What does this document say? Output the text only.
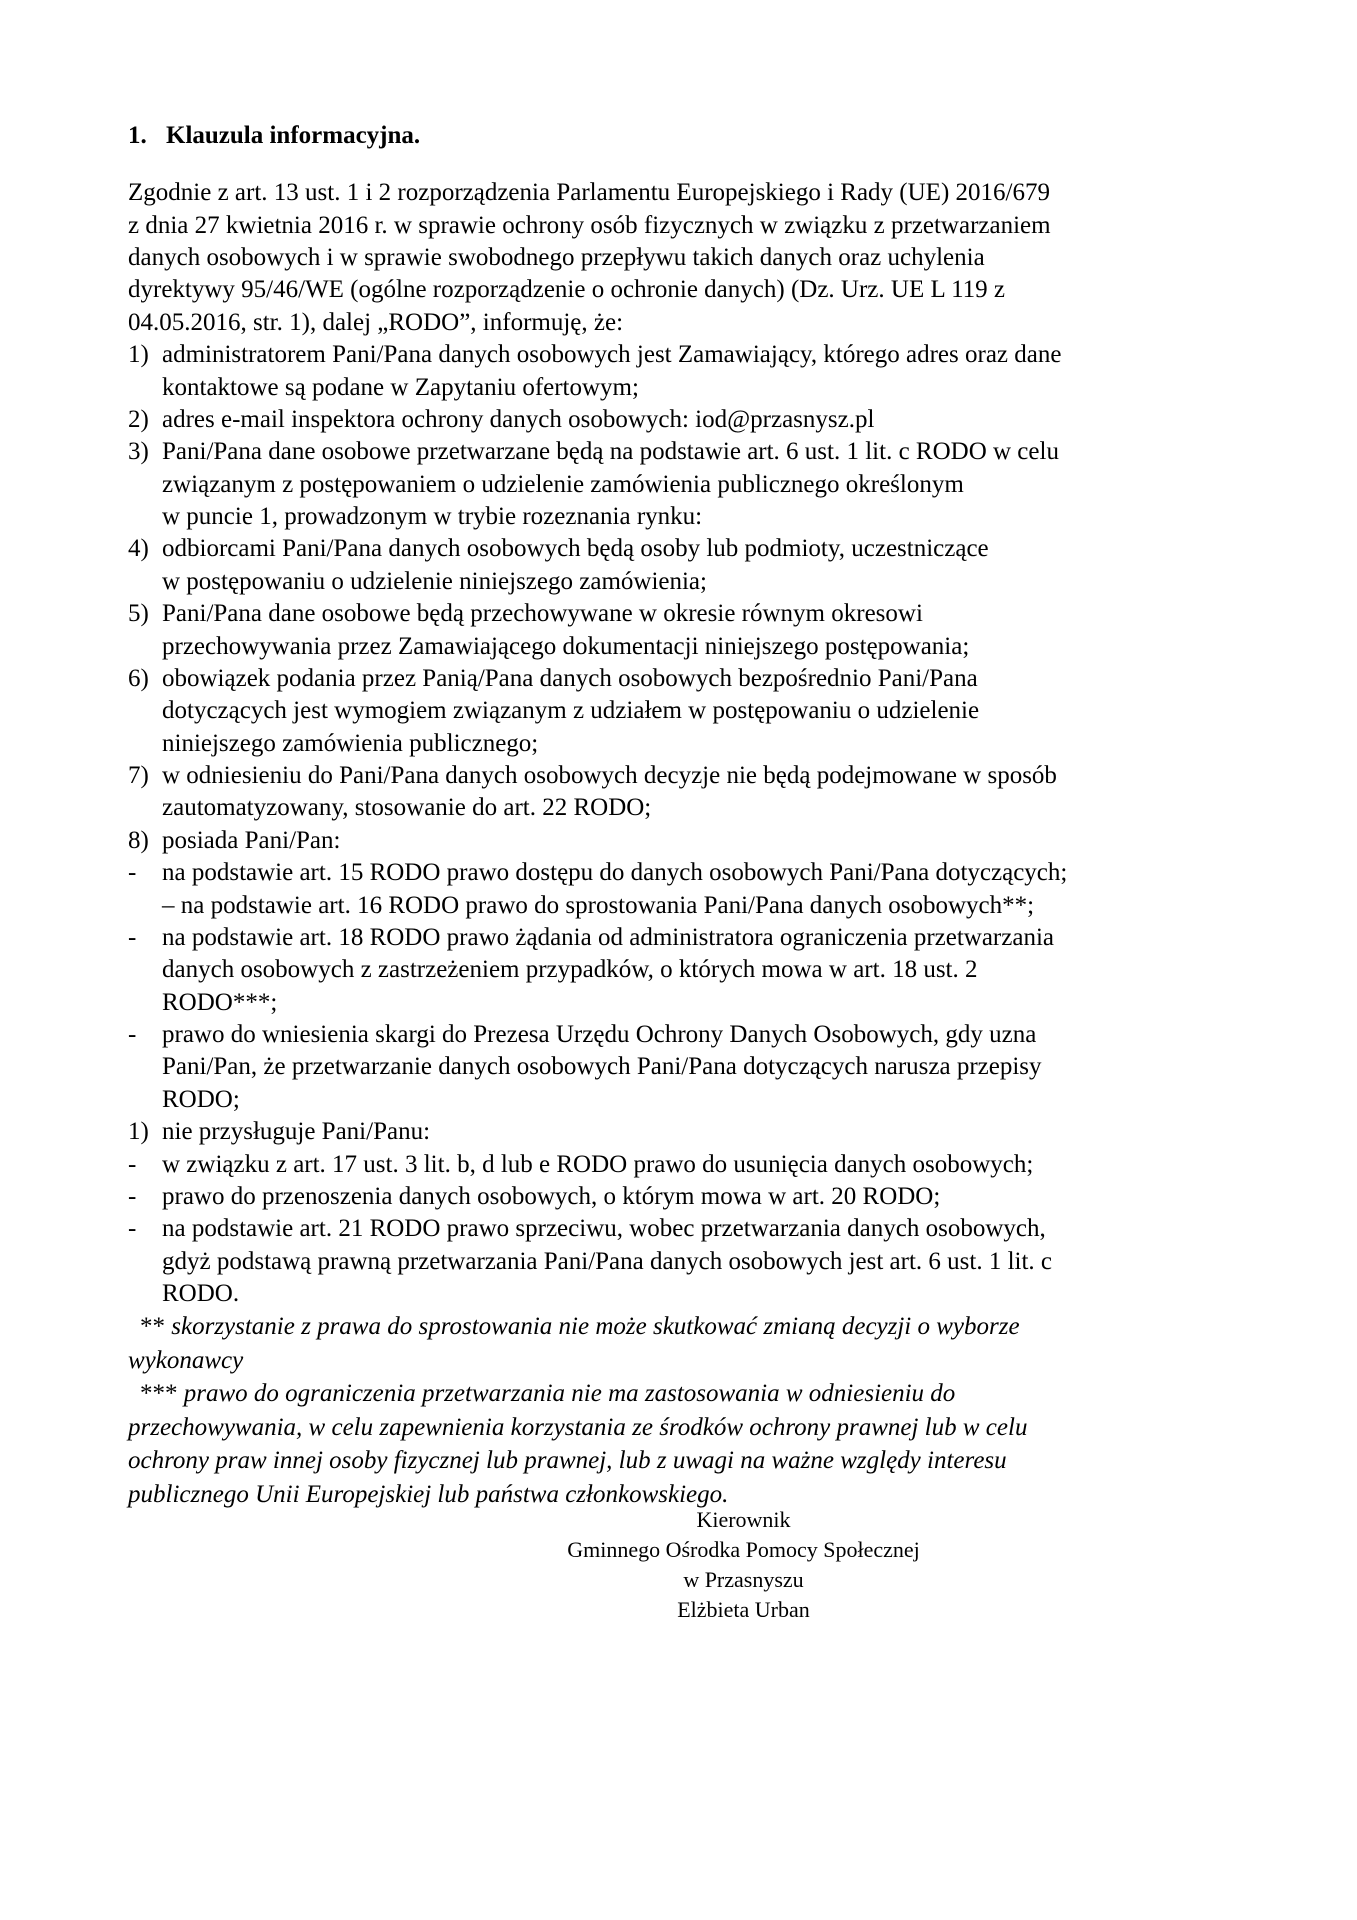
1. Klauzula informacyjna.
Zgodnie z art. 13 ust. 1 i 2 rozporządzenia Parlamentu Europejskiego i Rady (UE) 2016/679
z dnia 27 kwietnia 2016 r. w sprawie ochrony osób fizycznych w związku z przetwarzaniem
danych osobowych i w sprawie swobodnego przepływu takich danych oraz uchylenia
dyrektywy 95/46/WE (ogólne rozporządzenie o ochronie danych) (Dz. Urz. UE L 119 z
04.05.2016, str. 1), dalej „RODO”, informuję, że:
1) administratorem Pani/Pana danych osobowych jest Zamawiający, którego adres oraz dane
kontaktowe są podane w Zapytaniu ofertowym;
2) adres e-mail inspektora ochrony danych osobowych: iod@przasnysz.pl
3) Pani/Pana dane osobowe przetwarzane będą na podstawie art. 6 ust. 1 lit. c RODO w celu
związanym z postępowaniem o udzielenie zamówienia publicznego określonym
w puncie 1, prowadzonym w trybie rozeznania rynku:
4) odbiorcami Pani/Pana danych osobowych będą osoby lub podmioty, uczestniczące
w postępowaniu o udzielenie niniejszego zamówienia;
5) Pani/Pana dane osobowe będą przechowywane w okresie równym okresowi
przechowywania przez Zamawiającego dokumentacji niniejszego postępowania;
6) obowiązek podania przez Panią/Pana danych osobowych bezpośrednio Pani/Pana
dotyczących jest wymogiem związanym z udziałem w postępowaniu o udzielenie
niniejszego zamówienia publicznego;
7) w odniesieniu do Pani/Pana danych osobowych decyzje nie będą podejmowane w sposób
zautomatyzowany, stosowanie do art. 22 RODO;
8) posiada Pani/Pan:
-	na podstawie art. 15 RODO prawo dostępu do danych osobowych Pani/Pana dotyczących;
– na podstawie art. 16 RODO prawo do sprostowania Pani/Pana danych osobowych**;
-	na podstawie art. 18 RODO prawo żądania od administratora ograniczenia przetwarzania
danych osobowych z zastrzeżeniem przypadków, o których mowa w art. 18 ust. 2
RODO***;
-	prawo do wniesienia skargi do Prezesa Urzędu Ochrony Danych Osobowych, gdy uzna
Pani/Pan, że przetwarzanie danych osobowych Pani/Pana dotyczących narusza przepisy
RODO;
1) nie przysługuje Pani/Panu:
-	w związku z art. 17 ust. 3 lit. b, d lub e RODO prawo do usunięcia danych osobowych;
-	prawo do przenoszenia danych osobowych, o którym mowa w art. 20 RODO;
-	na podstawie art. 21 RODO prawo sprzeciwu, wobec przetwarzania danych osobowych,
gdyż podstawą prawną przetwarzania Pani/Pana danych osobowych jest art. 6 ust. 1 lit. c
RODO.
** skorzystanie z prawa do sprostowania nie może skutkować zmianą decyzji o wyborze
wykonawcy
*** prawo do ograniczenia przetwarzania nie ma zastosowania w odniesieniu do
przechowywania, w celu zapewnienia korzystania ze środków ochrony prawnej lub w celu
ochrony praw innej osoby fizycznej lub prawnej, lub z uwagi na ważne względy interesu
publicznego Unii Europejskiej lub państwa członkowskiego.
Kierownik
Gminnego Ośrodka Pomocy Społecznej
w Przasnyszu
Elżbieta Urban
